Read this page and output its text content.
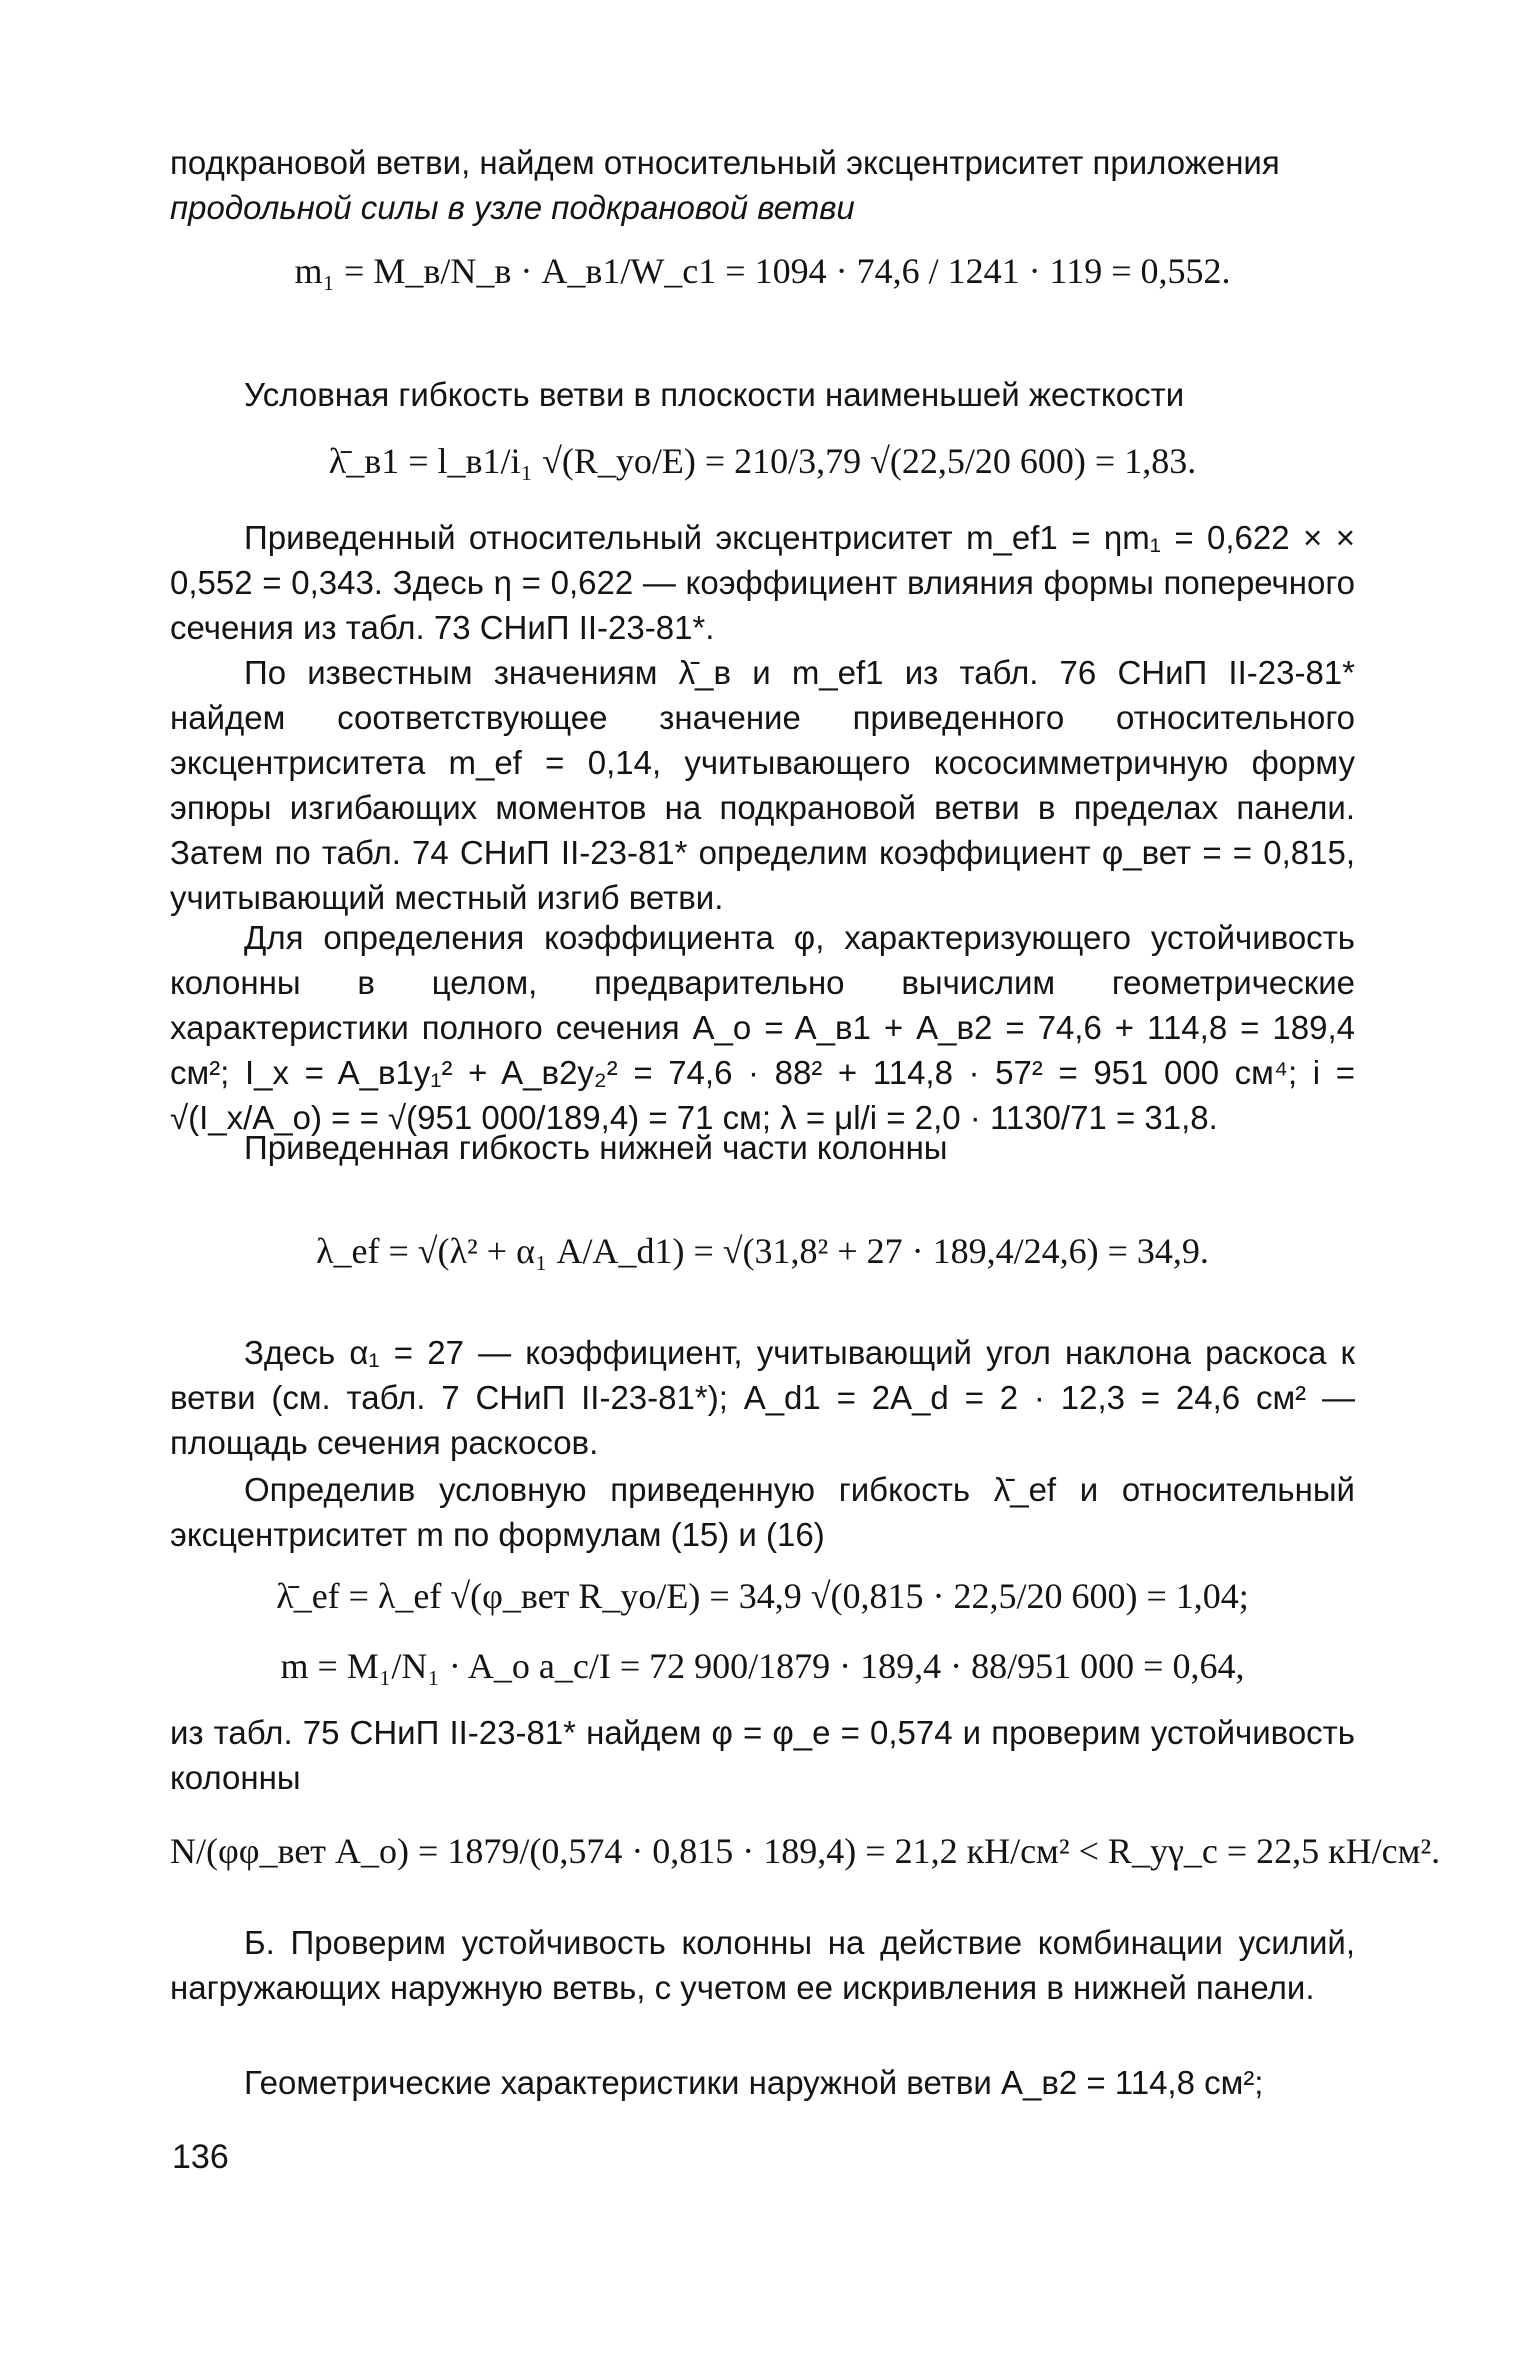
подкрановой ветви, найдем относительный эксцентриситет приложения
продольной силы в узле подкрановой ветви
m₁ = M_в/N_в · A_в1/W_c1 = 1094 · 74,6 / 1241 · 119 = 0,552.
Условная гибкость ветви в плоскости наименьшей жесткости
λ̄_в1 = l_в1/i₁ √(R_yo/E) = 210/3,79 √(22,5/20 600) = 1,83.
Приведенный относительный эксцентриситет m_ef1 = ηm₁ = 0,622 × × 0,552 = 0,343. Здесь η = 0,622 — коэффициент влияния формы поперечного сечения из табл. 73 СНиП II-23-81*.
По известным значениям λ̄_в и m_ef1 из табл. 76 СНиП II-23-81* найдем соответствующее значение приведенного относительного эксцентриситета m_ef = 0,14, учитывающего кососимметричную форму эпюры изгибающих моментов на подкрановой ветви в пределах панели. Затем по табл. 74 СНиП II-23-81* определим коэффициент φ_вет = = 0,815, учитывающий местный изгиб ветви.
Для определения коэффициента φ, характеризующего устойчивость колонны в целом, предварительно вычислим геометрические характеристики полного сечения A_o = A_в1 + A_в2 = 74,6 + 114,8 = 189,4 см²; I_x = A_в1y₁² + A_в2y₂² = 74,6 · 88² + 114,8 · 57² = 951 000 см⁴; i = √(I_x/A_o) = = √(951 000/189,4) = 71 см; λ = μl/i = 2,0 · 1130/71 = 31,8.
Приведенная гибкость нижней части колонны
λ_ef = √(λ² + α₁ A/A_d1) = √(31,8² + 27 · 189,4/24,6) = 34,9.
Здесь α₁ = 27 — коэффициент, учитывающий угол наклона раскоса к ветви (см. табл. 7 СНиП II-23-81*); A_d1 = 2A_d = 2 · 12,3 = 24,6 см² — площадь сечения раскосов.
Определив условную приведенную гибкость λ̄_ef и относительный эксцентриситет m по формулам (15) и (16)
λ̄_ef = λ_ef √(φ_вет R_yo/E) = 34,9 √(0,815 · 22,5/20 600) = 1,04;
m = M₁/N₁ · A_o a_c/I = 72 900/1879 · 189,4 · 88/951 000 = 0,64,
из табл. 75 СНиП II-23-81* найдем φ = φ_e = 0,574 и проверим устойчивость колонны
N/(φφ_вет A_o) = 1879/(0,574 · 0,815 · 189,4) = 21,2 кН/см² < R_yγ_c = 22,5 кН/см².
Б. Проверим устойчивость колонны на действие комбинации усилий, нагружающих наружную ветвь, с учетом ее искривления в нижней панели.
Геометрические характеристики наружной ветви A_в2 = 114,8 см²;
136
